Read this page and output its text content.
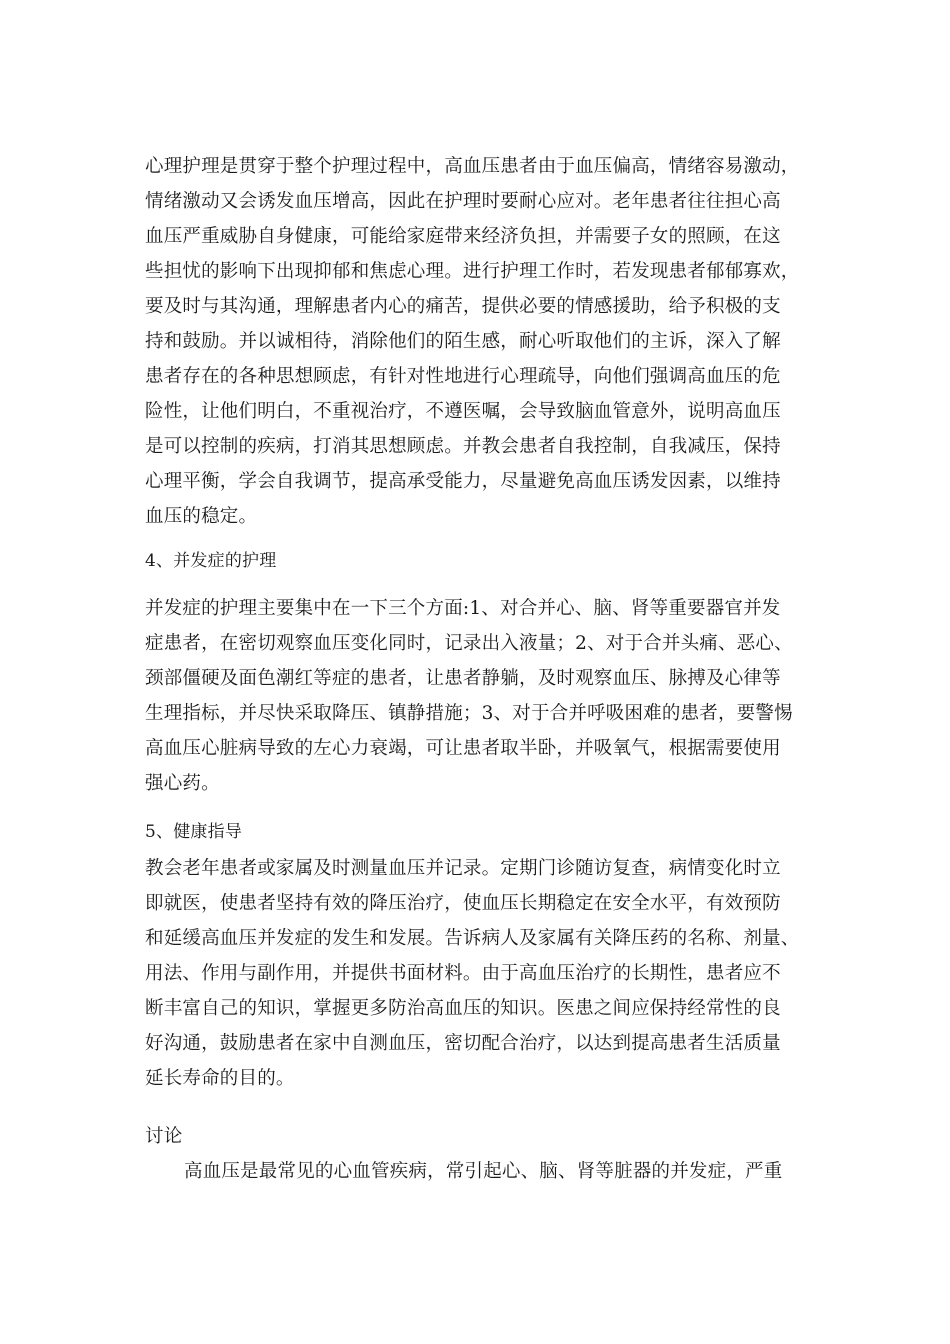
心理护理是贯穿于整个护理过程中，高血压患者由于血压偏高，情绪容易激动，
情绪激动又会诱发血压增高，因此在护理时要耐心应对。老年患者往往担心高
血压严重威胁自身健康，可能给家庭带来经济负担，并需要子女的照顾，在这
些担忧的影响下出现抑郁和焦虑心理。进行护理工作时，若发现患者郁郁寡欢，
要及时与其沟通，理解患者内心的痛苦，提供必要的情感援助，给予积极的支
持和鼓励。并以诚相待，消除他们的陌生感，耐心听取他们的主诉，深入了解
患者存在的各种思想顾虑，有针对性地进行心理疏导，向他们强调高血压的危
险性，让他们明白，不重视治疗，不遵医嘱，会导致脑血管意外，说明高血压
是可以控制的疾病，打消其思想顾虑。并教会患者自我控制，自我减压，保持
心理平衡，学会自我调节，提高承受能力，尽量避免高血压诱发因素，以维持
血压的稳定。
4、并发症的护理
并发症的护理主要集中在一下三个方面:1、对合并心、脑、肾等重要器官并发
症患者，在密切观察血压变化同时，记录出入液量；2、对于合并头痛、恶心、
颈部僵硬及面色潮红等症的患者，让患者静躺，及时观察血压、脉搏及心律等
生理指标，并尽快采取降压、镇静措施；3、对于合并呼吸困难的患者，要警惕
高血压心脏病导致的左心力衰竭，可让患者取半卧，并吸氧气，根据需要使用
强心药。
5、健康指导
教会老年患者或家属及时测量血压并记录。定期门诊随访复查，病情变化时立
即就医，使患者坚持有效的降压治疗，使血压长期稳定在安全水平，有效预防
和延缓高血压并发症的发生和发展。告诉病人及家属有关降压药的名称、剂量、
用法、作用与副作用，并提供书面材料。由于高血压治疗的长期性，患者应不
断丰富自己的知识，掌握更多防治高血压的知识。医患之间应保持经常性的良
好沟通，鼓励患者在家中自测血压，密切配合治疗，以达到提高患者生活质量
延长寿命的目的。
讨论
高血压是最常见的心血管疾病，常引起心、脑、肾等脏器的并发症，严重
